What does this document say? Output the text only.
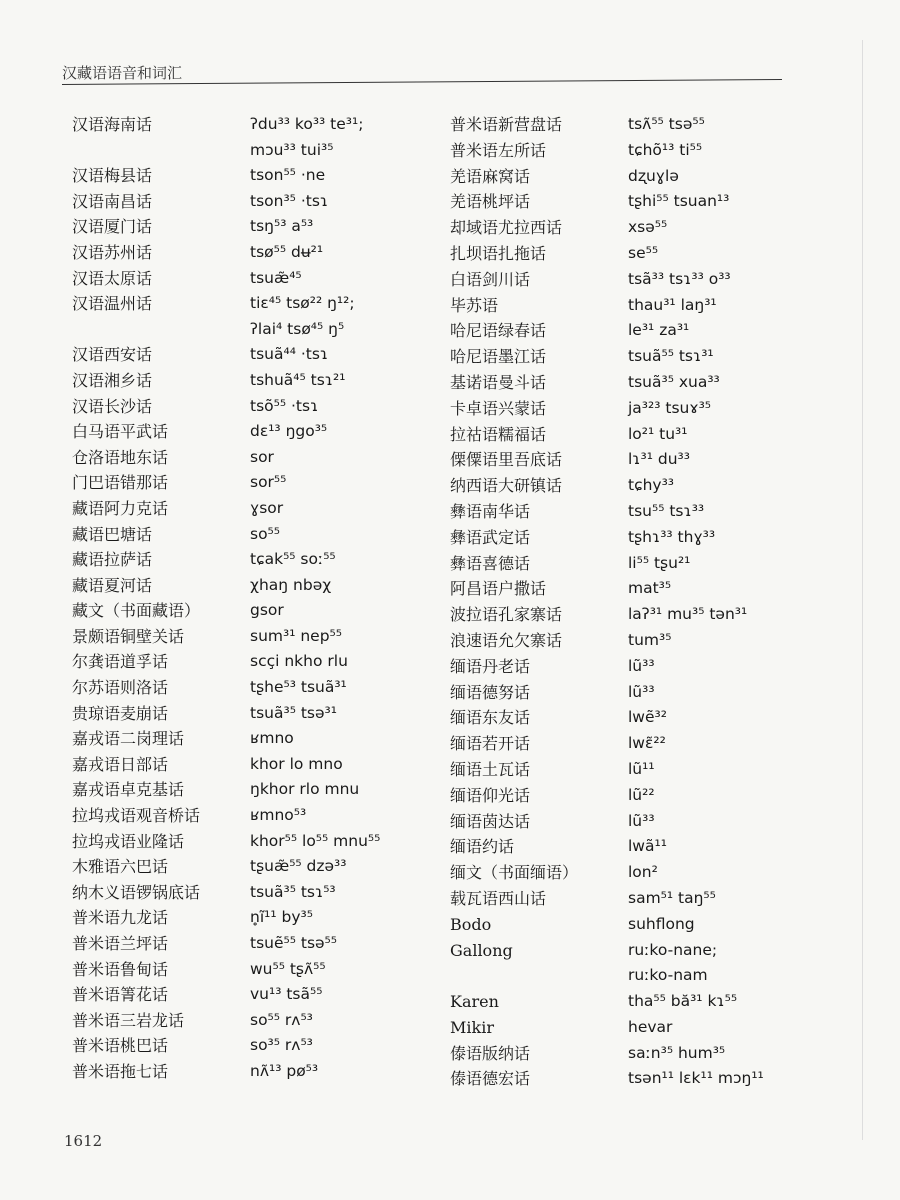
汉藏语语音和词汇
汉语海南话	ʔdu³³ ko³³ te³¹;
mɔu³³ tui³⁵
汉语梅县话	tson⁵⁵ ·ne
汉语南昌话	tson³⁵ ·tsɿ
汉语厦门话	tsŋ⁵³ a⁵³
汉语苏州话	tsø⁵⁵ dʉ²¹
汉语太原话	tsuæ̃⁴⁵
汉语温州话	tiɛ⁴⁵ tsø²² ŋ¹²;
ʔlai⁴ tsø⁴⁵ ŋ⁵
汉语西安话	tsuã⁴⁴ ·tsɿ
汉语湘乡话	tshuã⁴⁵ tsɿ²¹
汉语长沙话	tsõ⁵⁵ ·tsɿ
白马语平武话	dɛ¹³ ŋgo³⁵
仓洛语地东话	sor
门巴语错那话	sor⁵⁵
藏语阿力克话	ɣsor
藏语巴塘话	so⁵⁵
藏语拉萨话	tɕak⁵⁵ soː⁵⁵
藏语夏河话	χhaŋ nbəχ
藏文（书面藏语）	gsor
景颇语铜壁关话	sum³¹ nep⁵⁵
尔龚语道孚话	scçi nkho rlu
尔苏语则洛话	tʂhe⁵³ tsuã³¹
贵琼语麦崩话	tsuã³⁵ tsə³¹
嘉戎语二岗理话	ʁmno
嘉戎语日部话	khor lo mno
嘉戎语卓克基话	ŋkhor rlo mnu
拉坞戎语观音桥话	ʁmno⁵³
拉坞戎语业隆话	khor⁵⁵ lo⁵⁵ mnu⁵⁵
木雅语六巴话	tʂuæ̃⁵⁵ dzə³³
纳木义语锣锅底话	tsuã³⁵ tsɿ⁵³
普米语九龙话	n̥ĩ¹¹ by³⁵
普米语兰坪话	tsuẽ⁵⁵ tsə⁵⁵
普米语鲁甸话	wu⁵⁵ tʂʌ̃⁵⁵
普米语箐花话	vu¹³ tsã⁵⁵
普米语三岩龙话	so⁵⁵ rʌ⁵³
普米语桃巴话	so³⁵ rʌ⁵³
普米语拖七话	nʌ̃¹³ pø⁵³
普米语新营盘话	tsʌ̃⁵⁵ tsə⁵⁵
普米语左所话	tɕhõ¹³ ti⁵⁵
羌语麻窝话	dʐuɣlə
羌语桃坪话	tʂhi⁵⁵ tsuan¹³
却域语尤拉西话	xsə⁵⁵
扎坝语扎拖话	se⁵⁵
白语剑川话	tsã³³ tsɿ³³ o³³
毕苏语	thau³¹ laŋ³¹
哈尼语绿春话	le³¹ za³¹
哈尼语墨江话	tsuã⁵⁵ tsɿ³¹
基诺语曼斗话	tsuã³⁵ xua³³
卡卓语兴蒙话	ja³²³ tsuɤ³⁵
拉祜语糯福话	lo²¹ tu³¹
傈僳语里吾底话	lɿ³¹ du³³
纳西语大研镇话	tɕhy³³
彝语南华话	tsu⁵⁵ tsɿ³³
彝语武定话	tʂhɿ³³ thɣ³³
彝语喜德话	li⁵⁵ tʂu²¹
阿昌语户撒话	mat³⁵
波拉语孔家寨话	laʔ³¹ mu³⁵ tən³¹
浪速语允欠寨话	tum³⁵
缅语丹老话	lũ³³
缅语德努话	lũ³³
缅语东友话	lwẽ³²
缅语若开话	lwɛ̃²²
缅语土瓦话	lũ¹¹
缅语仰光话	lũ²²
缅语茵达话	lũ³³
缅语约话	lwã¹¹
缅文（书面缅语）	lon²
载瓦语西山话	sam⁵¹ taŋ⁵⁵
Bodo	suhflong
Gallong	ruːko-nane;
ruːko-nam
Karen	tha⁵⁵ bă³¹ kɿ⁵⁵
Mikir	hevar
傣语版纳话	saːn³⁵ hum³⁵
傣语德宏话	tsən¹¹ lɛk¹¹ mɔŋ¹¹
1612
